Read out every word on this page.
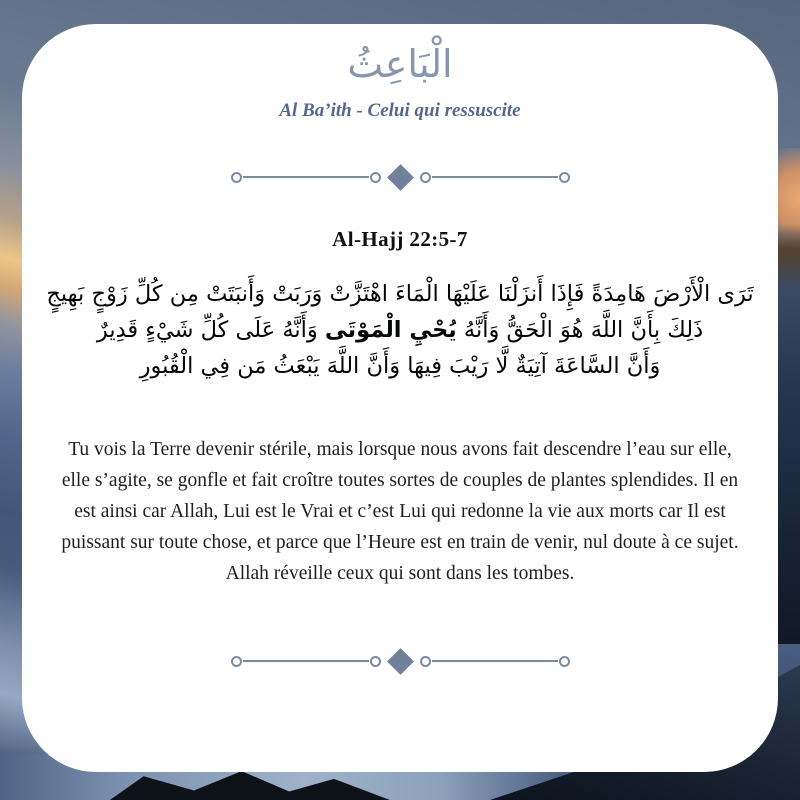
الْبَاعِثُ
Al Ba’ith - Celui qui ressuscite
Al-Hajj 22:5-7
تَرَى الْأَرْضَ هَامِدَةً فَإِذَا أَنزَلْنَا عَلَيْهَا الْمَاءَ اهْتَزَّتْ وَرَبَتْ وَأَنبَتَتْ مِن كُلِّ زَوْجٍ بَهِيجٍ
ذَلِكَ بِأَنَّ اللَّهَ هُوَ الْحَقُّ وَأَنَّهُ يُحْيِ الْمَوْتَى وَأَنَّهُ عَلَى كُلِّ شَيْءٍ قَدِيرٌ
وَأَنَّ السَّاعَةَ آتِيَةٌ لَّا رَيْبَ فِيهَا وَأَنَّ اللَّهَ يَبْعَثُ مَن فِي الْقُبُورِ

Tu vois la Terre devenir stérile, mais lorsque nous avons fait descendre l’eau sur elle, elle s’agite, se gonfle et fait croître toutes sortes de couples de plantes splendides. Il en est ainsi car Allah, Lui est le Vrai et c’est Lui qui redonne la vie aux morts car Il est puissant sur toute chose, et parce que l’Heure est en train de venir, nul doute à ce sujet. Allah réveille ceux qui sont dans les tombes.
